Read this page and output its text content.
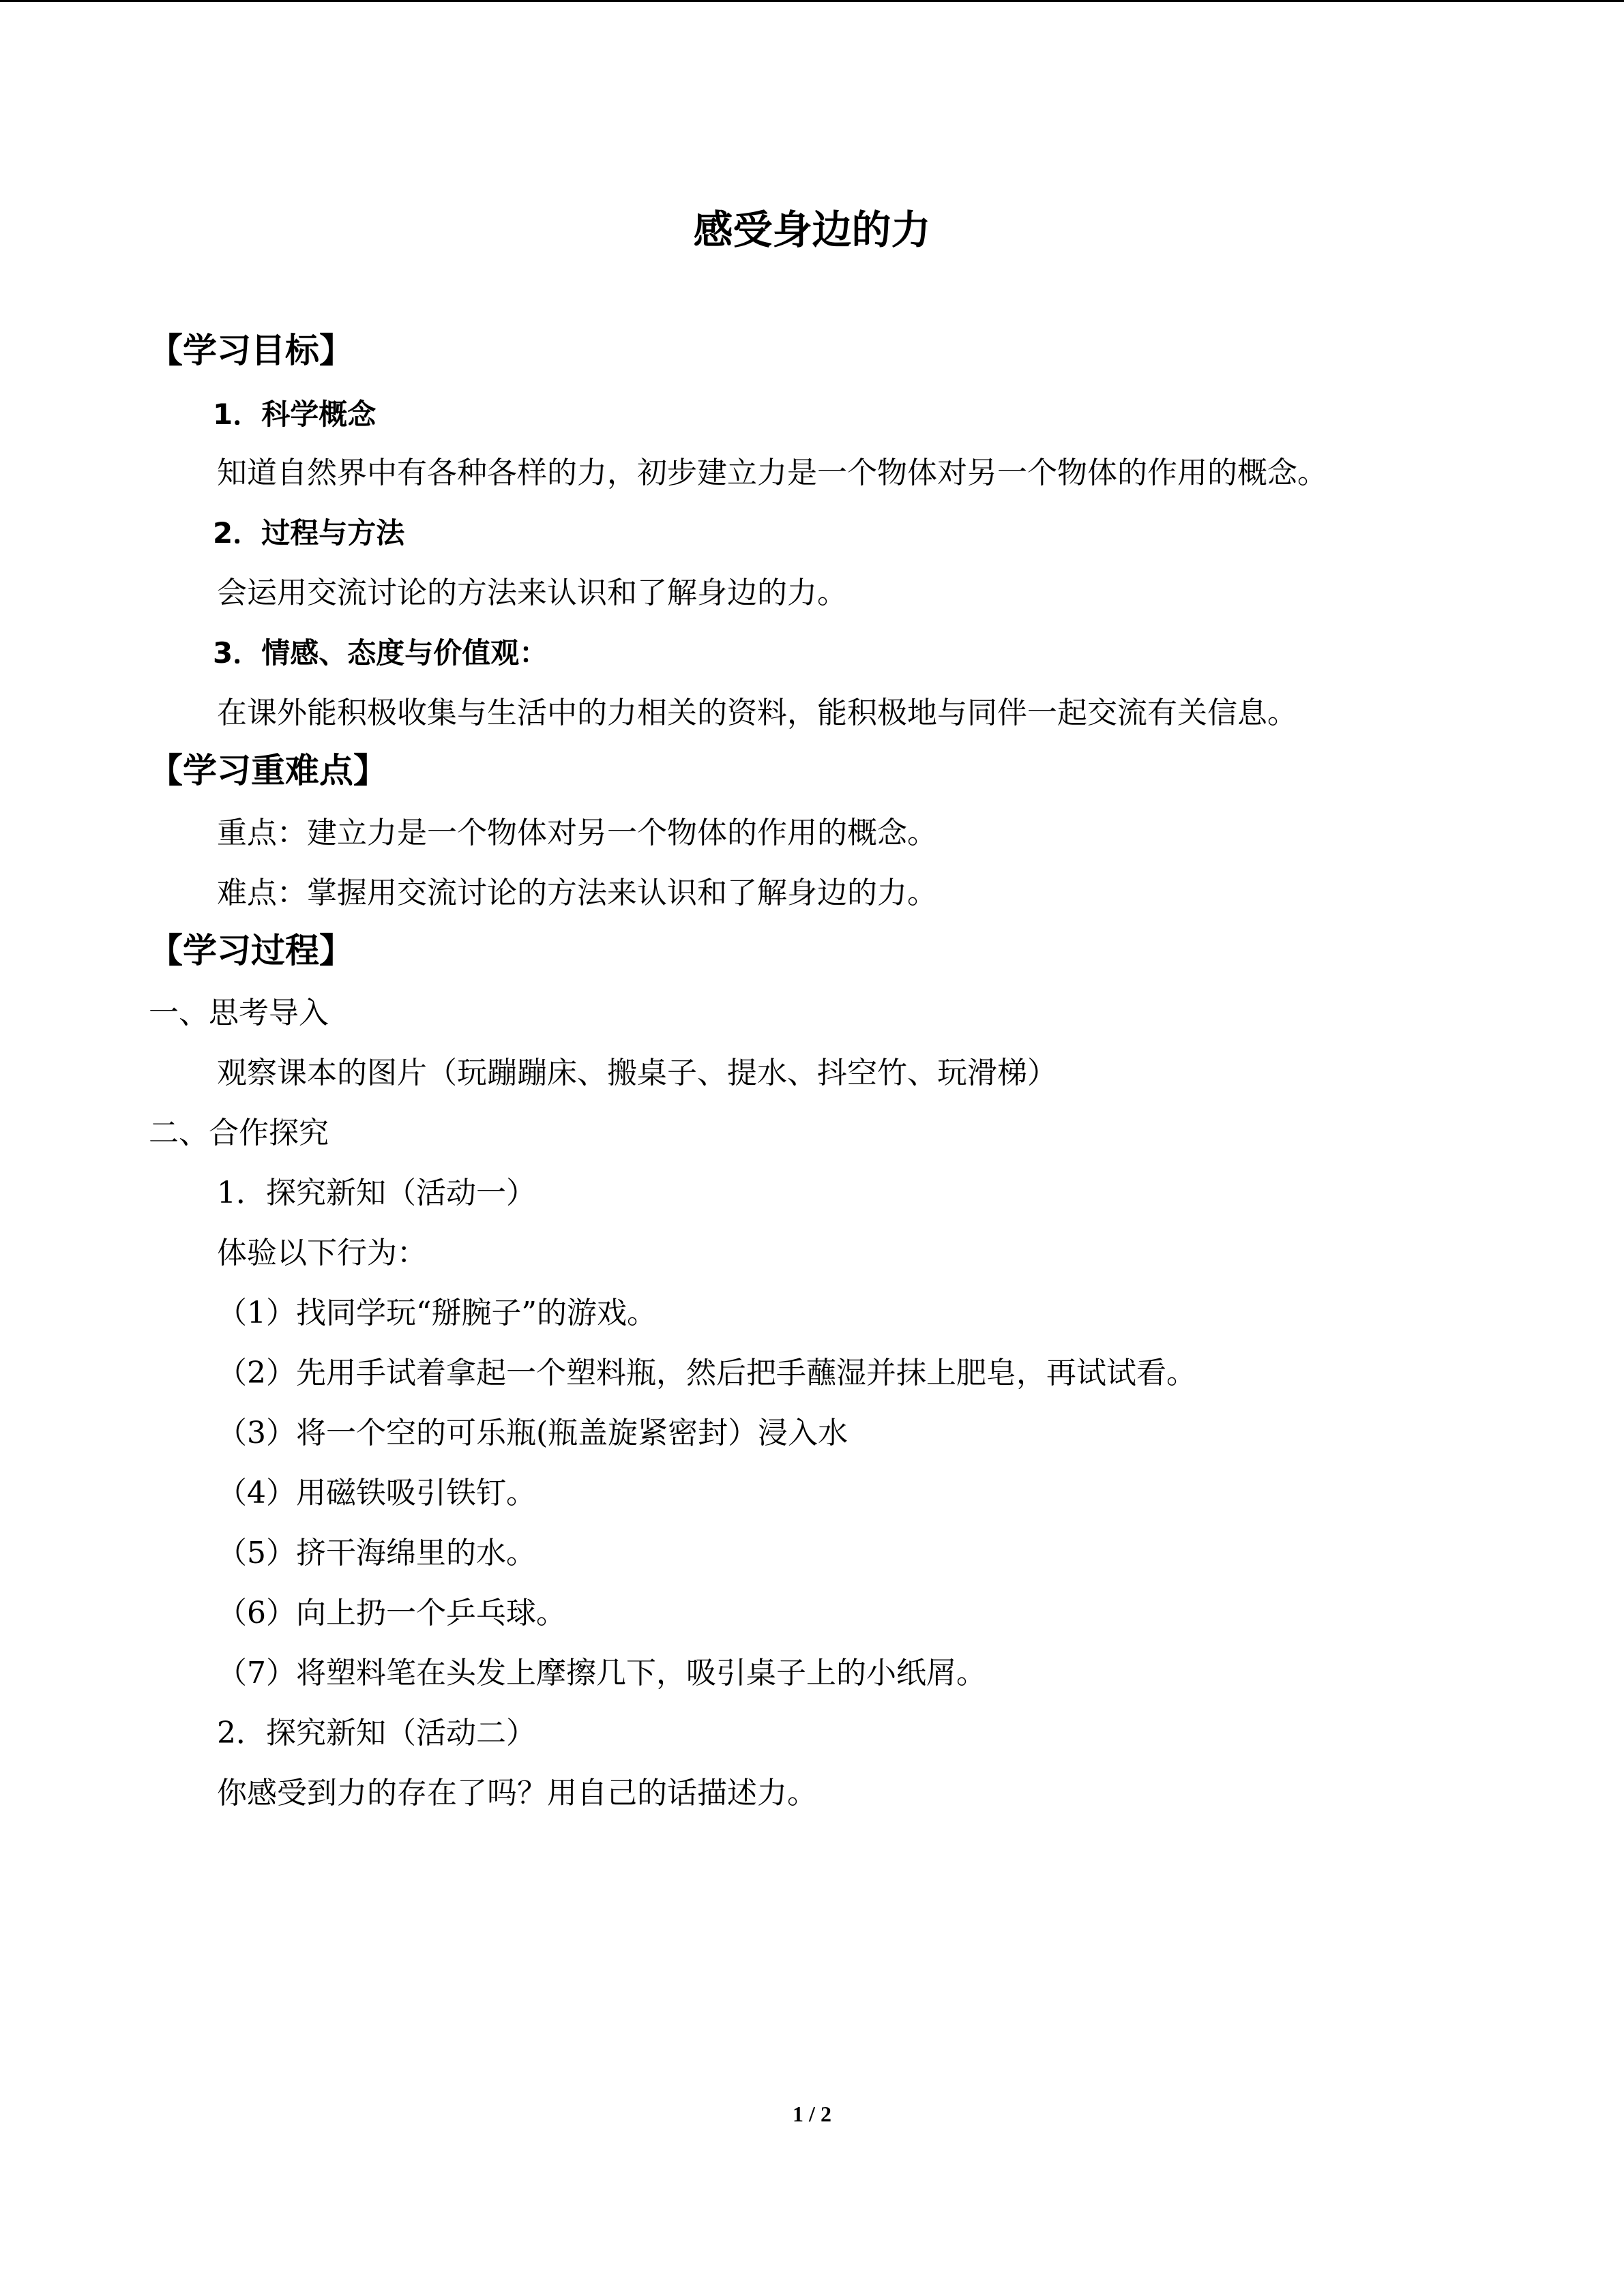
感受身边的力
【学习目标】
1．科学概念
知道自然界中有各种各样的力，初步建立力是一个物体对另一个物体的作用的概念。
2．过程与方法
会运用交流讨论的方法来认识和了解身边的力。
3．情感、态度与价值观：
在课外能积极收集与生活中的力相关的资料，能积极地与同伴一起交流有关信息。
【学习重难点】
重点：建立力是一个物体对另一个物体的作用的概念。
难点：掌握用交流讨论的方法来认识和了解身边的力。
【学习过程】
一、思考导入
观察课本的图片（玩蹦蹦床、搬桌子、提水、抖空竹、玩滑梯）
二、合作探究
1．探究新知（活动一）
体验以下行为：
（1）找同学玩“掰腕子”的游戏。
（2）先用手试着拿起一个塑料瓶，然后把手蘸湿并抹上肥皂，再试试看。
（3）将一个空的可乐瓶(瓶盖旋紧密封）浸入水
（4）用磁铁吸引铁钉。
（5）挤干海绵里的水。
（6）向上扔一个乒乓球。
（7）将塑料笔在头发上摩擦几下，吸引桌子上的小纸屑。
2．探究新知（活动二）
你感受到力的存在了吗？用自己的话描述力。
1 / 2
